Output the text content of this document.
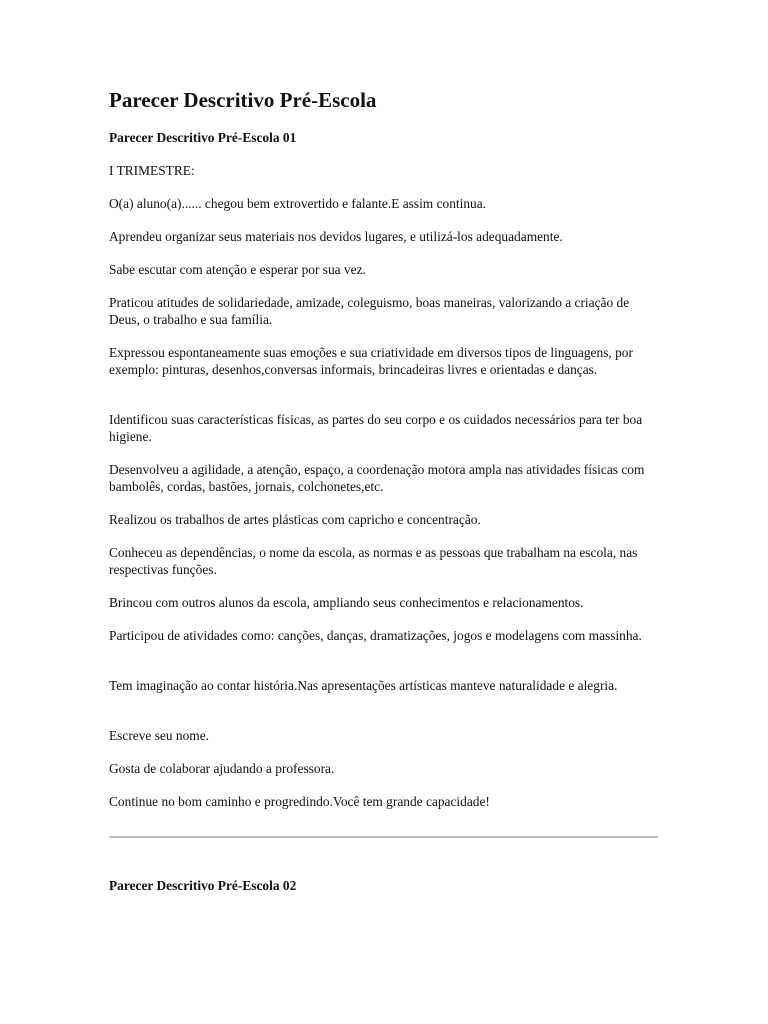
Parecer Descritivo Pré-Escola
Parecer Descritivo Pré-Escola 01

I TRIMESTRE:

O(a) aluno(a)...... chegou bem extrovertido e falante.E assim continua.

Aprendeu organizar seus materiais nos devidos lugares, e utilizá-los adequadamente.

Sabe escutar com atenção e esperar por sua vez.

Praticou atitudes de solidariedade, amizade, coleguismo, boas maneiras, valorizando a criação de Deus, o trabalho e sua família.

Expressou espontaneamente suas emoções e sua criatividade em diversos tipos de linguagens, por exemplo: pinturas, desenhos,conversas informais, brincadeiras livres e orientadas e danças.

Identificou suas características físicas, as partes do seu corpo e os cuidados necessários para ter boa higiene.

Desenvolveu a agilidade, a atenção, espaço, a coordenação motora ampla nas atividades físicas com bambolês, cordas, bastões, jornais, colchonetes,etc.

Realizou os trabalhos de artes plásticas com capricho e concentração.

Conheceu as dependências, o nome da escola, as normas e as pessoas que trabalham na escola, nas respectivas funções.

Brincou com outros alunos da escola, ampliando seus conhecimentos e relacionamentos.

Participou de atividades como: canções, danças, dramatizações, jogos e modelagens com massinha.

Tem imaginação ao contar história.Nas apresentações artísticas manteve naturalidade e alegria.

Escreve seu nome.

Gosta de colaborar ajudando a professora.

Continue no bom caminho e progredindo.Você tem grande capacidade!

Parecer Descritivo Pré-Escola 02
